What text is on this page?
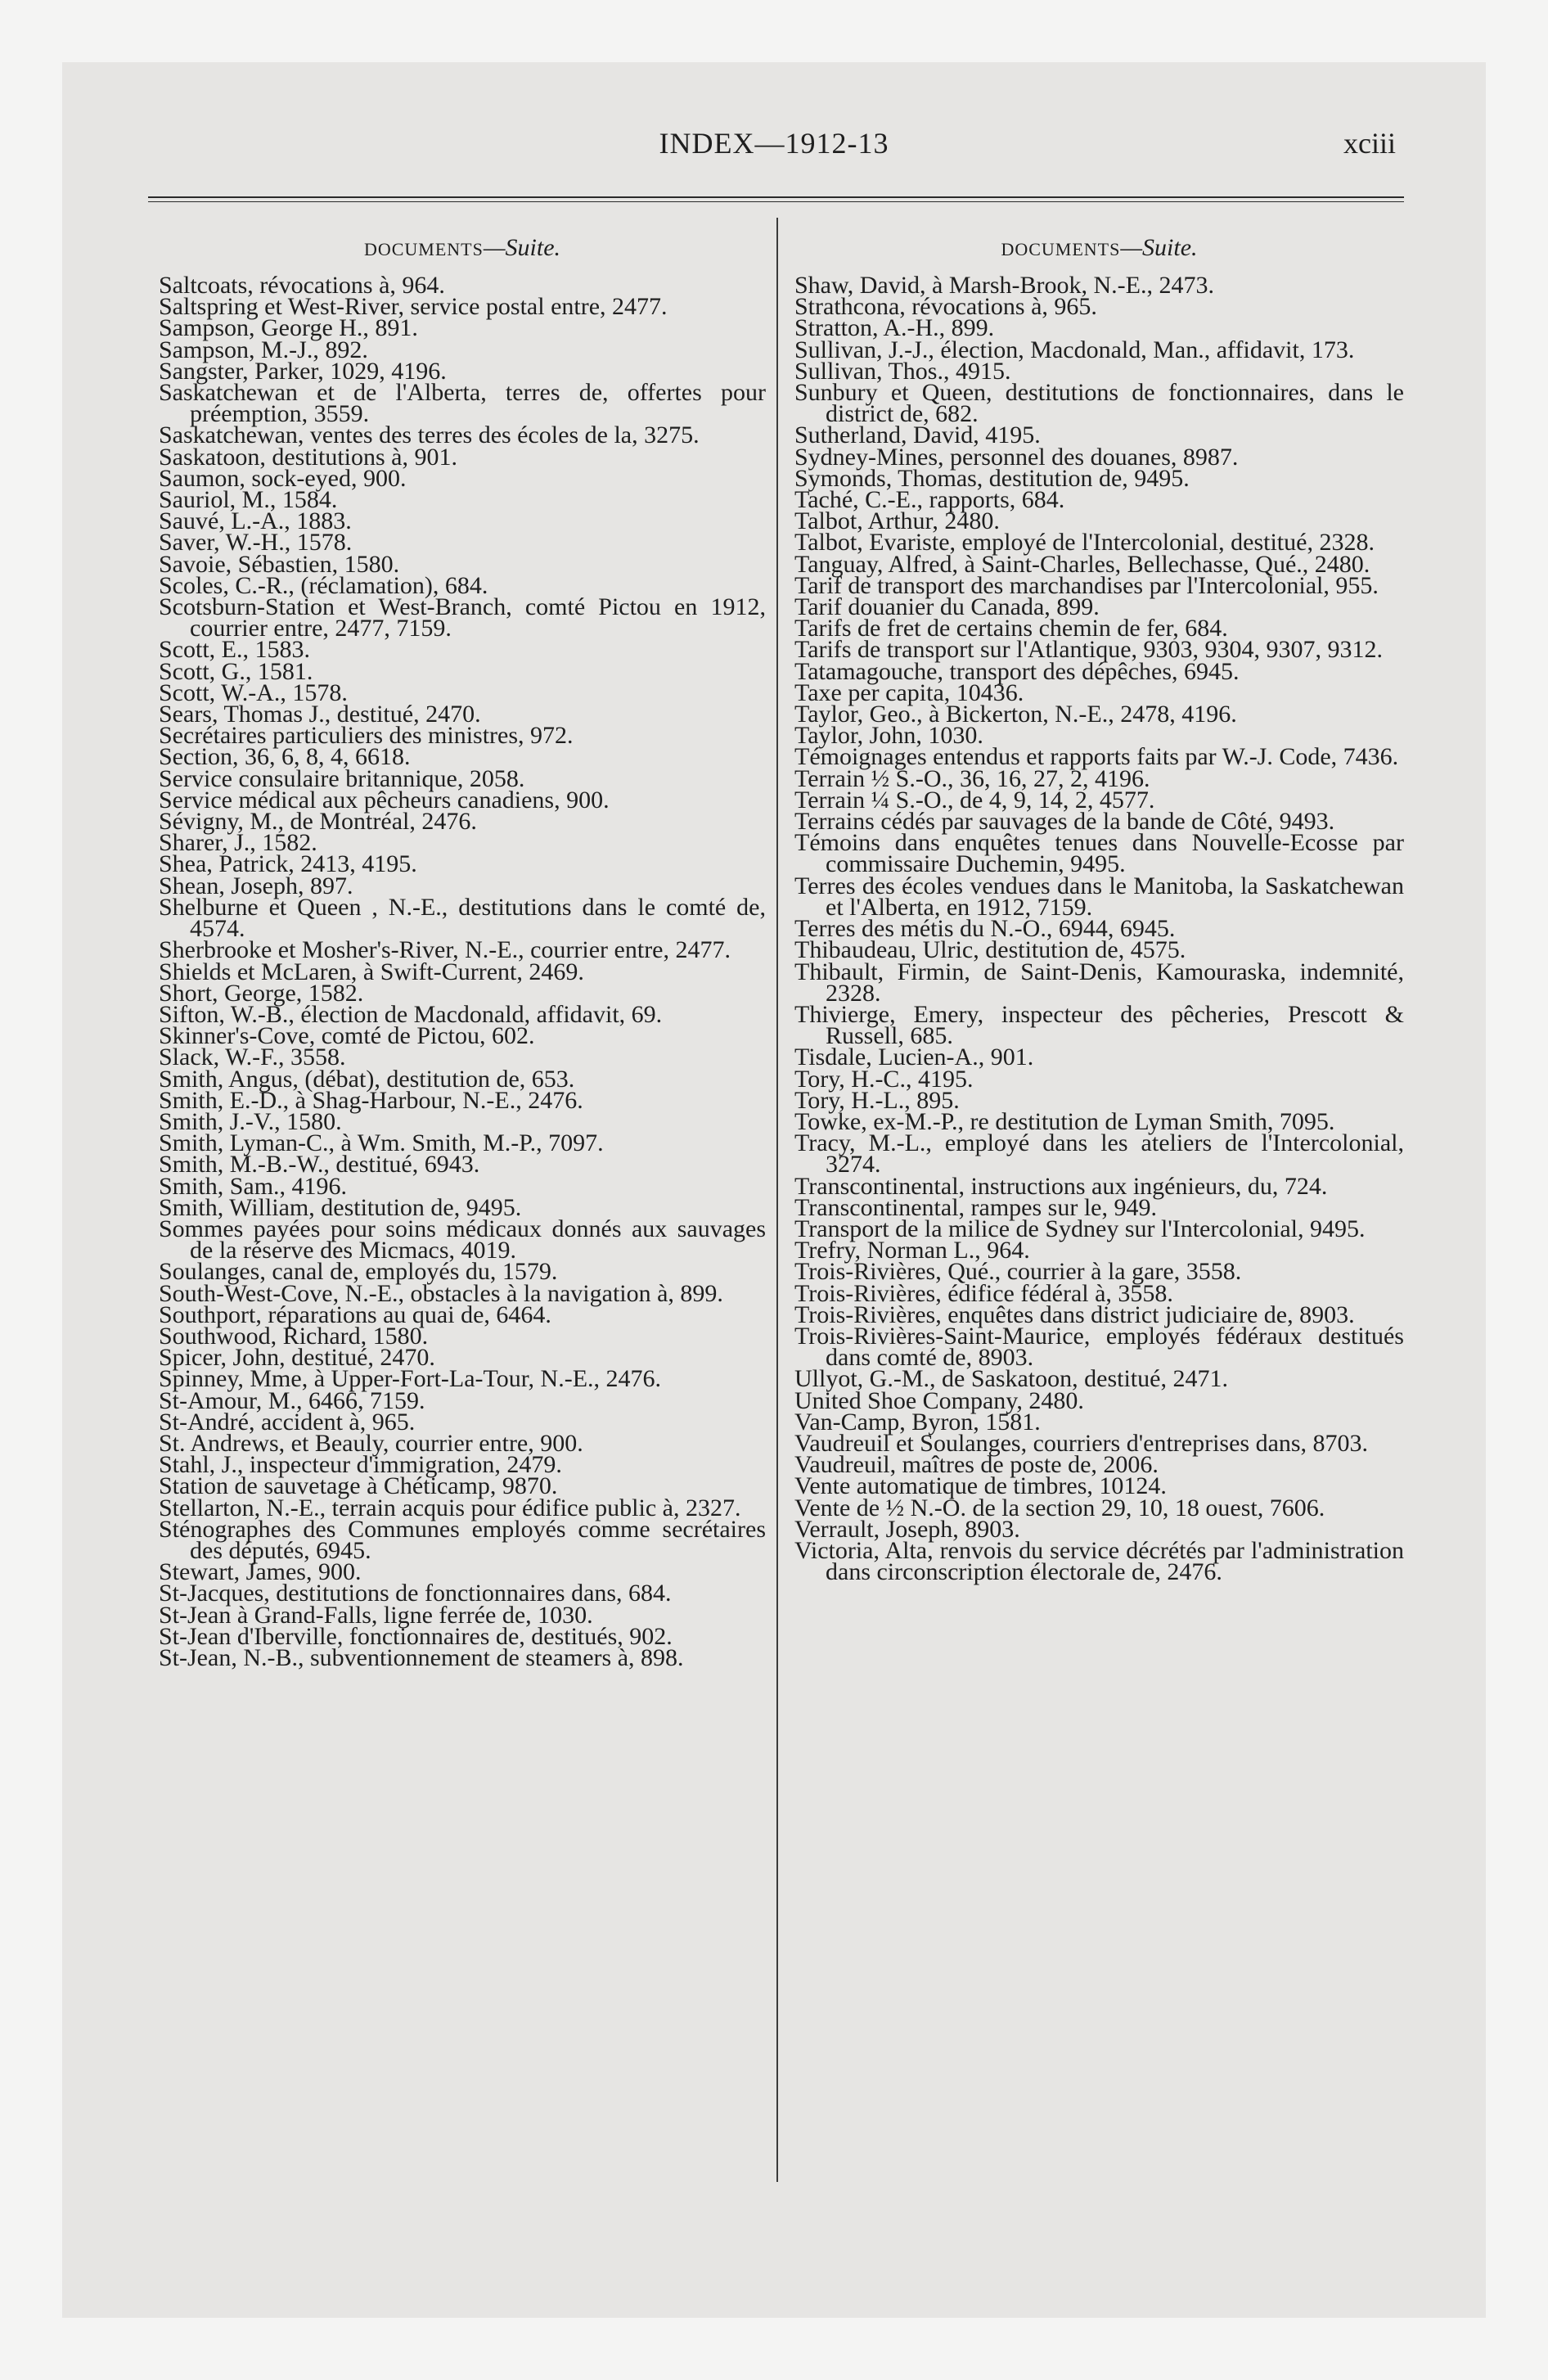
INDEX—1912-13	xciii
DOCUMENTS—Suite.
Saltcoats, révocations à, 964.
Saltspring et West-River, service postal entre, 2477.
Sampson, George H., 891.
Sampson, M.-J., 892.
Sangster, Parker, 1029, 4196.
Saskatchewan et de l'Alberta, terres de, offertes pour préemption, 3559.
Saskatchewan, ventes des terres des écoles de la, 3275.
Saskatoon, destitutions à, 901.
Saumon, sock-eyed, 900.
Sauriol, M., 1584.
Sauvé, L.-A., 1883.
Saver, W.-H., 1578.
Savoie, Sébastien, 1580.
Scoles, C.-R., (réclamation), 684.
Scotsburn-Station et West-Branch, comté Pictou en 1912, courrier entre, 2477, 7159.
Scott, E., 1583.
Scott, G., 1581.
Scott, W.-A., 1578.
Sears, Thomas J., destitué, 2470.
Secrétaires particuliers des ministres, 972.
Section, 36, 6, 8, 4, 6618.
Service consulaire britannique, 2058.
Service médical aux pêcheurs canadiens, 900.
Sévigny, M., de Montréal, 2476.
Sharer, J., 1582.
Shea, Patrick, 2413, 4195.
Shean, Joseph, 897.
Shelburne et Queen , N.-E., destitutions dans le comté de, 4574.
Sherbrooke et Mosher's-River, N.-E., courrier entre, 2477.
Shields et McLaren, à Swift-Current, 2469.
Short, George, 1582.
Sifton, W.-B., élection de Macdonald, affidavit, 69.
Skinner's-Cove, comté de Pictou, 602.
Slack, W.-F., 3558.
Smith, Angus, (débat), destitution de, 653.
Smith, E.-D., à Shag-Harbour, N.-E., 2476.
Smith, J.-V., 1580.
Smith, Lyman-C., à Wm. Smith, M.-P., 7097.
Smith, M.-B.-W., destitué, 6943.
Smith, Sam., 4196.
Smith, William, destitution de, 9495.
Sommes payées pour soins médicaux donnés aux sauvages de la réserve des Micmacs, 4019.
Soulanges, canal de, employés du, 1579.
South-West-Cove, N.-E., obstacles à la navigation à, 899.
Southport, réparations au quai de, 6464.
Southwood, Richard, 1580.
Spicer, John, destitué, 2470.
Spinney, Mme, à Upper-Fort-La-Tour, N.-E., 2476.
St-Amour, M., 6466, 7159.
St-André, accident à, 965.
St. Andrews, et Beauly, courrier entre, 900.
Stahl, J., inspecteur d'immigration, 2479.
Station de sauvetage à Chéticamp, 9870.
Stellarton, N.-E., terrain acquis pour édifice public à, 2327.
Sténographes des Communes employés comme secrétaires des députés, 6945.
Stewart, James, 900.
St-Jacques, destitutions de fonctionnaires dans, 684.
St-Jean à Grand-Falls, ligne ferrée de, 1030.
St-Jean d'Iberville, fonctionnaires de, destitués, 902.
St-Jean, N.-B., subventionnement de steamers à, 898.
DOCUMENTS—Suite.
Shaw, David, à Marsh-Brook, N.-E., 2473.
Strathcona, révocations à, 965.
Stratton, A.-H., 899.
Sullivan, J.-J., élection, Macdonald, Man., affidavit, 173.
Sullivan, Thos., 4915.
Sunbury et Queen, destitutions de fonctionnaires, dans le district de, 682.
Sutherland, David, 4195.
Sydney-Mines, personnel des douanes, 8987.
Symonds, Thomas, destitution de, 9495.
Taché, C.-E., rapports, 684.
Talbot, Arthur, 2480.
Talbot, Evariste, employé de l'Intercolonial, destitué, 2328.
Tanguay, Alfred, à Saint-Charles, Bellechasse, Qué., 2480.
Tarif de transport des marchandises par l'Intercolonial, 955.
Tarif douanier du Canada, 899.
Tarifs de fret de certains chemin de fer, 684.
Tarifs de transport sur l'Atlantique, 9303, 9304, 9307, 9312.
Tatamagouche, transport des dépêches, 6945.
Taxe per capita, 10436.
Taylor, Geo., à Bickerton, N.-E., 2478, 4196.
Taylor, John, 1030.
Témoignages entendus et rapports faits par W.-J. Code, 7436.
Terrain ½ S.-O., 36, 16, 27, 2, 4196.
Terrain ¼ S.-O., de 4, 9, 14, 2, 4577.
Terrains cédés par sauvages de la bande de Côté, 9493.
Témoins dans enquêtes tenues dans Nouvelle-Ecosse par commissaire Duchemin, 9495.
Terres des écoles vendues dans le Manitoba, la Saskatchewan et l'Alberta, en 1912, 7159.
Terres des métis du N.-O., 6944, 6945.
Thibaudeau, Ulric, destitution de, 4575.
Thibault, Firmin, de Saint-Denis, Kamouraska, indemnité, 2328.
Thivierge, Emery, inspecteur des pêcheries, Prescott & Russell, 685.
Tisdale, Lucien-A., 901.
Tory, H.-C., 4195.
Tory, H.-L., 895.
Towke, ex-M.-P., re destitution de Lyman Smith, 7095.
Tracy, M.-L., employé dans les ateliers de l'Intercolonial, 3274.
Transcontinental, instructions aux ingénieurs, du, 724.
Transcontinental, rampes sur le, 949.
Transport de la milice de Sydney sur l'Intercolonial, 9495.
Trefry, Norman L., 964.
Trois-Rivières, Qué., courrier à la gare, 3558.
Trois-Rivières, édifice fédéral à, 3558.
Trois-Rivières, enquêtes dans district judiciaire de, 8903.
Trois-Rivières-Saint-Maurice, employés fédéraux destitués dans comté de, 8903.
Ullyot, G.-M., de Saskatoon, destitué, 2471.
United Shoe Company, 2480.
Van-Camp, Byron, 1581.
Vaudreuil et Soulanges, courriers d'entreprises dans, 8703.
Vaudreuil, maîtres de poste de, 2006.
Vente automatique de timbres, 10124.
Vente de ½ N.-O. de la section 29, 10, 18 ouest, 7606.
Verrault, Joseph, 8903.
Victoria, Alta, renvois du service décrétés par l'administration dans circonscription électorale de, 2476.
